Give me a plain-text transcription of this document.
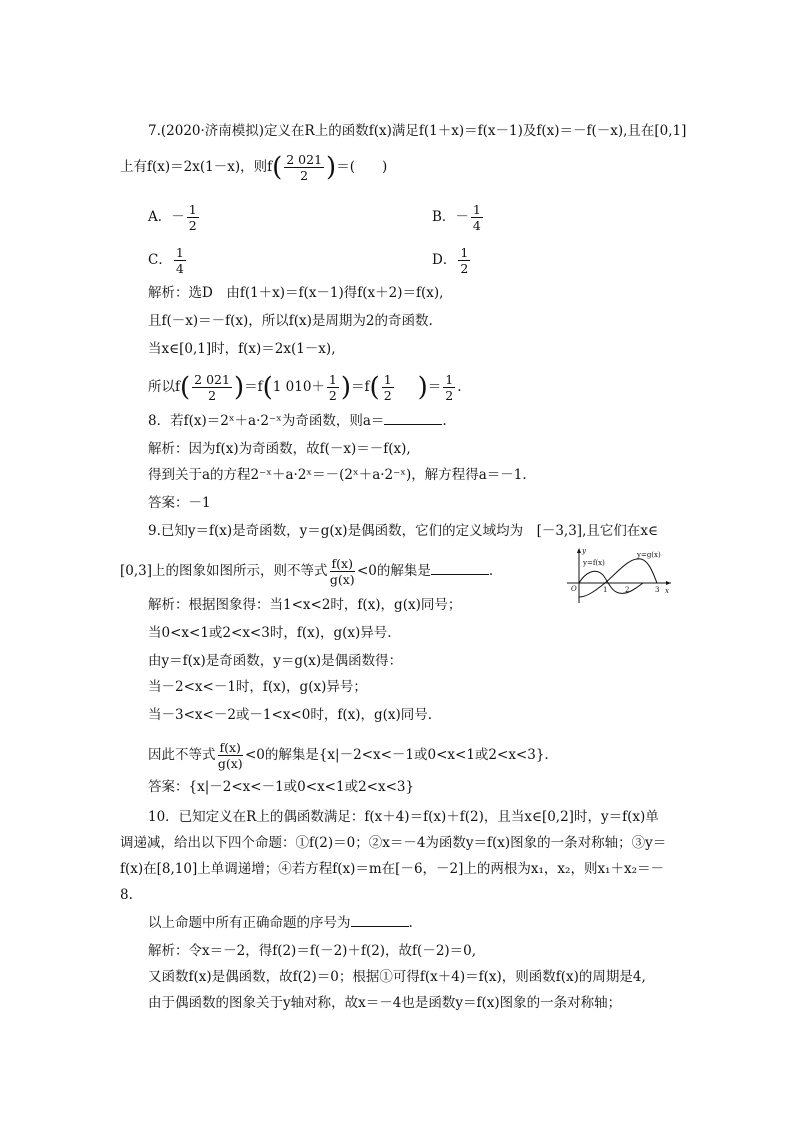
7.(2020·济南模拟)定义在R上的函数f(x)满足f(1＋x)＝f(x－1)及f(x)＝－f(－x),且在[0,1]
上有f(x)＝2x(1－x)，则$f( \frac{2 021}{2}$ )＝(　　)
A．－ $\frac{1}{2}$	B．－ $\frac{1}{4}$
C． $\frac{1}{4}$	D． $\frac{1}{2}$
解析：选D　由f(1＋x)＝f(x－1)得f(x＋2)＝f(x),
且f(－x)＝－f(x)，所以f(x)是周期为2的奇函数.
当x∈[0,1]时，f(x)＝2x(1－x),
所以$f( \frac{2 021}{2} )=f(1$ $010+ \frac{1}{2} )=f( \frac{1}{2}$ )＝ $\frac{1}{2}$ .
8．若f(x)＝2ˣ＋a·2⁻ˣ为奇函数，则a＝	.
解析：因为f(x)为奇函数，故f(－x)＝－f(x),
得到关于a的方程2⁻ˣ＋a·2ˣ＝－(2ˣ＋a·2⁻ˣ)，解方程得a＝－1.
答案：－1
9.已知y＝f(x)是奇函数，y＝g(x)是偶函数，它们的定义域均为　[－3,3],且它们在x∈
[0,3]上的图象如图所示，则不等式 $\frac{f(x)}{g(x)} <0$的解集是	.	y=f(x)
y=g(x)
y
x
O	1	2	3
解析：根据图象得：当1<x<2时，f(x)，g(x)同号；
当0<x<1或2<x<3时，f(x)，g(x)异号.
由y＝f(x)是奇函数，y＝g(x)是偶函数得：
当－2<x<－1时，f(x)，g(x)异号；
当－3<x<－2或－1<x<0时，f(x)，g(x)同号.
因此不等式 $\frac{f(x)}{g(x)} <0$的解集是{x|－2<x<－1或0<x<1或2<x<3}.
答案：{x|－2<x<－1或0<x<1或2<x<3}
10．已知定义在R上的偶函数满足：f(x＋4)＝f(x)＋f(2)，且当x∈[0,2]时，y＝f(x)单
调递减，给出以下四个命题：①f(2)＝0；②x＝－4为函数y＝f(x)图象的一条对称轴；③y＝
f(x)在[8,10]上单调递增；④若方程f(x)＝m在[－6，－2]上的两根为x₁，x₂，则x₁＋x₂＝－
8.
以上命题中所有正确命题的序号为	.
解析：令x＝－2，得f(2)＝f(－2)＋f(2)，故f(－2)＝0,
又函数f(x)是偶函数，故f(2)＝0；根据①可得f(x＋4)＝f(x)，则函数f(x)的周期是4,
由于偶函数的图象关于y轴对称，故x＝－4也是函数y＝f(x)图象的一条对称轴；
